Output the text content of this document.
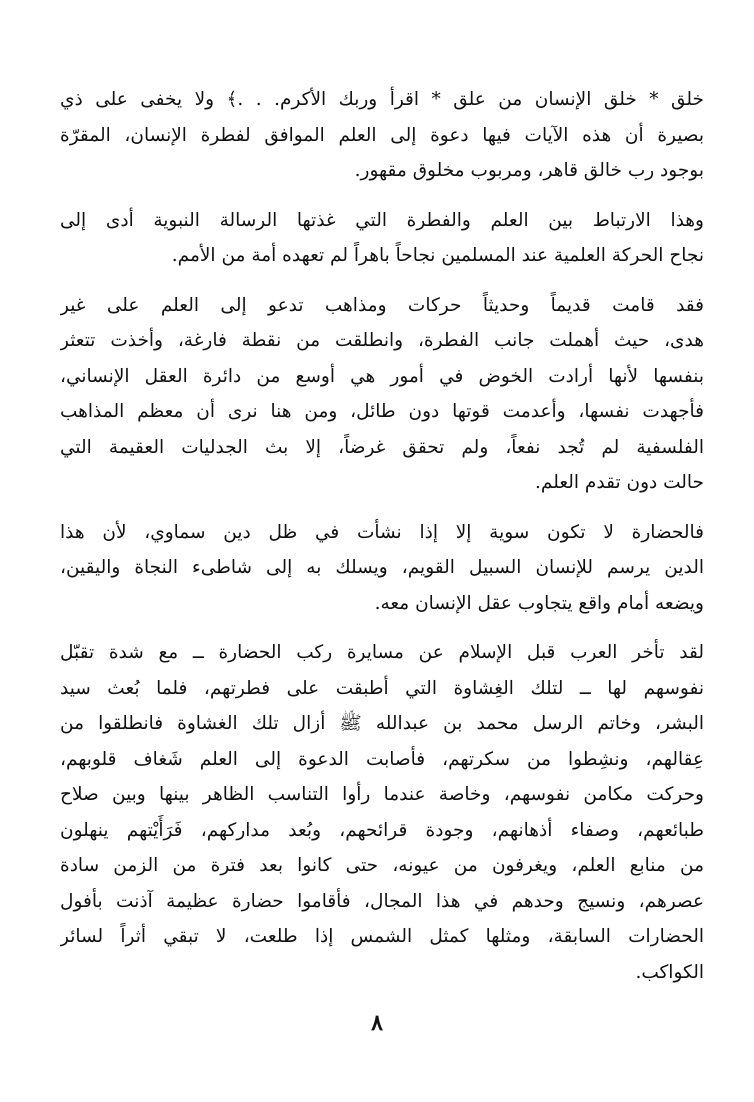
خلق * خلق الإنسان من علق * اقرأ وربك الأكرم. . .﴾ ولا يخفى على ذي
بصيرة أن هذه الآيات فيها دعوة إلى العلم الموافق لفطرة الإنسان، المقرّة
بوجود رب خالق قاهر، ومربوب مخلوق مقهور.
وهذا الارتباط بين العلم والفطرة التي غذتها الرسالة النبوية أدى إلى
نجاح الحركة العلمية عند المسلمين نجاحاً باهراً لم تعهده أمة من الأمم.
فقد قامت قديماً وحديثاً حركات ومذاهب تدعو إلى العلم على غير
هدى، حيث أهملت جانب الفطرة، وانطلقت من نقطة فارغة، وأخذت تتعثر
بنفسها لأنها أرادت الخوض في أمور هي أوسع من دائرة العقل الإنساني،
فأجهدت نفسها، وأعدمت قوتها دون طائل، ومن هنا نرى أن معظم المذاهب
الفلسفية لم تُجد نفعاً، ولم تحقق غرضاً، إلا بث الجدليات العقيمة التي
حالت دون تقدم العلم.
فالحضارة لا تكون سوية إلا إذا نشأت في ظل دين سماوي، لأن هذا
الدين يرسم للإنسان السبيل القويم، ويسلك به إلى شاطىء النجاة واليقين،
ويضعه أمام واقع يتجاوب عقل الإنسان معه.
لقد تأخر العرب قبل الإسلام عن مسايرة ركب الحضارة ــ مع شدة تقبّل
نفوسهم لها ــ لتلك الغِشاوة التي أطبقت على فطرتهم، فلما بُعث سيد
البشر، وخاتم الرسل محمد بن عبدالله ﷺ أزال تلك الغشاوة فانطلقوا من
عِقالهم، ونشِطوا من سكرتهم، فأصابت الدعوة إلى العلم شَغاف قلوبهم،
وحركت مكامن نفوسهم، وخاصة عندما رأوا التناسب الظاهر بينها وبين صلاح
طبائعهم، وصفاء أذهانهم، وجودة قرائحهم، وبُعد مداركهم، فَرَأَيْتهم ينهلون
من منابع العلم، ويغرفون من عيونه، حتى كانوا بعد فترة من الزمن سادة
عصرهم، ونسيج وحدهم في هذا المجال، فأقاموا حضارة عظيمة آذنت بأفول
الحضارات السابقة، ومثلها كمثل الشمس إذا طلعت، لا تبقي أثراً لسائر
الكواكب.
٨
